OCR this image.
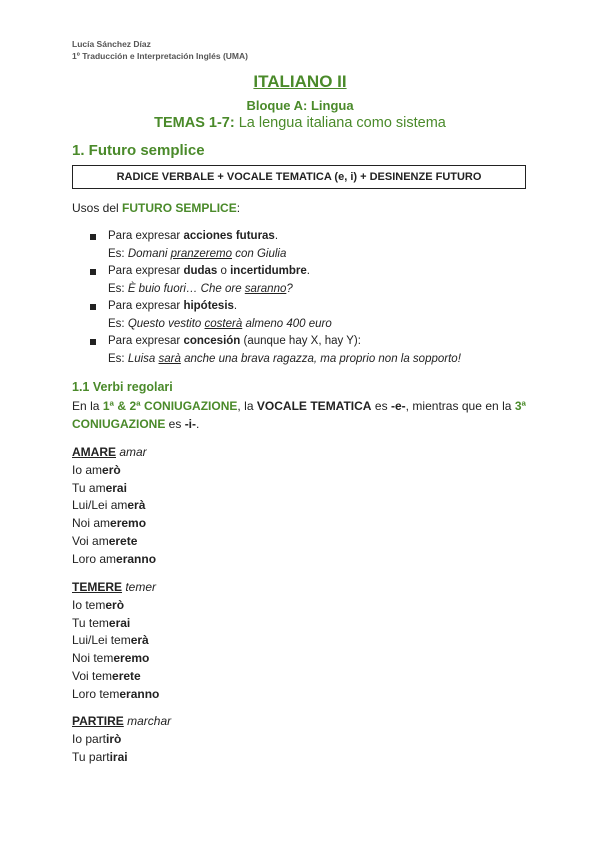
Lucía Sánchez Díaz
1º Traducción e Interpretación Inglés (UMA)
ITALIANO II
Bloque A: Lingua
TEMAS 1-7: La lengua italiana como sistema
1. Futuro semplice
RADICE VERBALE + VOCALE TEMATICA (e, i) + DESINENZE FUTURO
Usos del FUTURO SEMPLICE:
Para expresar acciones futuras.
Es: Domani pranzeremo con Giulia
Para expresar dudas o incertidumbre.
Es: È buio fuori… Che ore saranno?
Para expresar hipótesis.
Es: Questo vestito costerà almeno 400 euro
Para expresar concesión (aunque hay X, hay Y):
Es: Luisa sarà anche una brava ragazza, ma proprio non la sopporto!
1.1 Verbi regolari
En la 1ª & 2ª CONIUGAZIONE, la VOCALE TEMATICA es -e-, mientras que en la 3ª CONIUGAZIONE es -i-.
AMARE amar
Io amerò
Tu amerai
Lui/Lei amerà
Noi ameremo
Voi amerete
Loro ameranno
TEMERE temer
Io temerò
Tu temerai
Lui/Lei temerà
Noi temeremo
Voi temerete
Loro temeranno
PARTIRE marchar
Io partirò
Tu partirai
